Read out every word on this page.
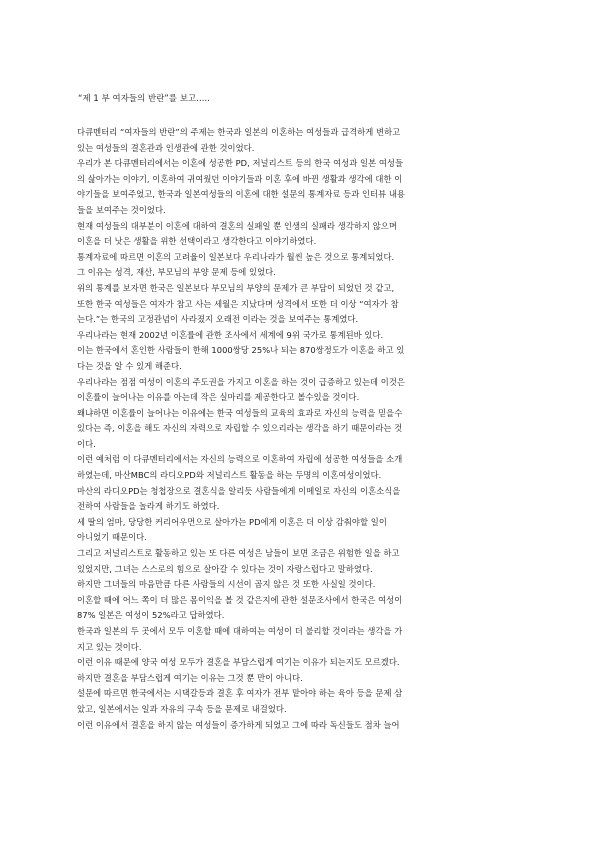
“제 1 부 여자들의 반란”를 보고.....
다큐멘터리 “여자들의 반란”의 주제는 한국과 일본의 이혼하는 여성들과 급격하게 변하고
있는 여성들의 결혼관과 인생관에 관한 것이었다.
우리가 본 다큐멘터리에서는 이혼에 성공한 PD, 저널리스트 등의 한국 여성과 일본 여성들
의 삶아가는 이야기, 이혼하여 귀여웠던 이야기들과 이혼 후에 바뀐 생활과 생각에 대한 이
야기들을 보여주었고, 한국과 일본여성들의 이혼에 대한 설문의 통계자료 등과 인터뷰 내용
들을 보여주는 것이었다.
현재 여성들의 대부분이 이혼에 대하여 결혼의 실패일 뿐 인생의 실패라 생각하지 않으며
이혼을 더 낫은 생활을 위한 선택이라고 생각한다고 이야기하였다.
통계자료에 따르면 이혼의 고려율이 일본보다 우리나라가 월씬 높은 것으로 통계되었다.
그 이유는 성격, 재산, 부모님의 부양 문제 등에 있었다.
위의 통계를 보자면 한국은 일본보다 부모님의 부양의 문제가 큰 부담이 되었던 것 같고,
또한 한국 여성들은 여자가 참고 사는 세월은 지났다며 성격에서 또한 더 이상 “여자가 참
는다.”는 한국의 고정관념이 사라졌지 오래전 이라는 것을 보여주는 통계였다.
우리나라는 현재 2002년 이혼률에 관한 조사에서 세계에 9위 국가로 통계된바 있다.
이는 한국에서 혼인한 사람들이 한해 1000쌍당 25%나 되는 870쌍정도가 이혼을 하고 있
다는 것을 알 수 있게 해준다.
우리나라는 점점 여성이 이혼의 주도권을 가지고 이혼을 하는 것이 급증하고 있는데 이것은
이혼률이 늘어나는 이유를 아는데 작은 실마리를 제공한다고 볼수있을 것이다.
왜냐하면 이혼률이 늘어나는 이유에는 한국 여성들의 교육의 효과로 자신의 능력을 믿을수
있다는 즉, 이혼을 해도 자신의 자력으로 자립할 수 있으리라는 생각을 하기 때문이라는 것
이다.
이런 예처럼 이 다큐멘터리에서는 자신의 능력으로 이혼하여 자립에 성공한 여성들을 소개
하였는데, 마산MBC의 라디오PD와 저널리스트 활동을 하는 두명의 이혼여성이었다.
마산의 라디오PD는 청첩장으로 결혼식을 알리듯 사람들에게 이메일로 자신의 이혼소식을
전하여 사람들을 놀라게 하기도 하였다.
세 딸의 엄마, 당당한 커리어우먼으로 살아가는 PD에게 이혼은 더 이상 감춰야할 일이
아니었기 때문이다.
그리고 저널리스트로 활동하고 있는 또 다른 여성은 남들이 보면 조금은 위험한 일을 하고
있었지만, 그녀는 스스로의 힘으로 살아갈 수 있다는 것이 자랑스럽다고 말하였다.
하지만 그녀들의 마음만큼 다른 사람들의 시선이 곱지 않은 것 또한 사실일 것이다.
이혼할 때에 어느 쪽이 더 많은 몸이익을 볼 것 같은지에 관한 설문조사에서 한국은 여성이
87% 일본은 여성이 52%라고 답하였다.
한국과 일본의 두 곳에서 모두 이혼할 때에 대하여는 여성이 더 불리할 것이라는 생각을 가
지고 있는 것이다.
이런 이유 때문에 양국 여성 모두가 결혼을 부담스럽게 여기는 이유가 되는지도 모르겠다.
하지만 결혼을 부담스럽게 여기는 이유는 그것 뿐 만이 아니다.
설문에 따르면 한국에서는 시댁갈등과 결혼 후 여자가 전부 맡아야 하는 육아 등을 문제 삼
았고, 일본에서는 일과 자유의 구속 등을 문제로 내걸었다.
이런 이유에서 결혼을 하지 않는 여성들이 증가하게 되었고 그에 따라 독신들도 점차 늘어
